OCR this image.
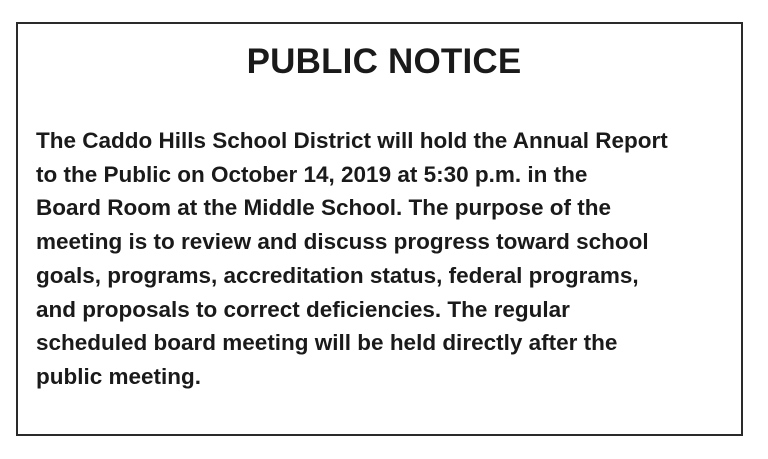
PUBLIC NOTICE
The Caddo Hills School District will hold the Annual Report
to the Public on October 14, 2019 at 5:30 p.m. in the
Board Room at the Middle School. The purpose of the
meeting is to review and discuss progress toward school
goals, programs, accreditation status, federal programs,
and proposals to correct deficiencies. The regular
scheduled board meeting will be held directly after the
public meeting.
